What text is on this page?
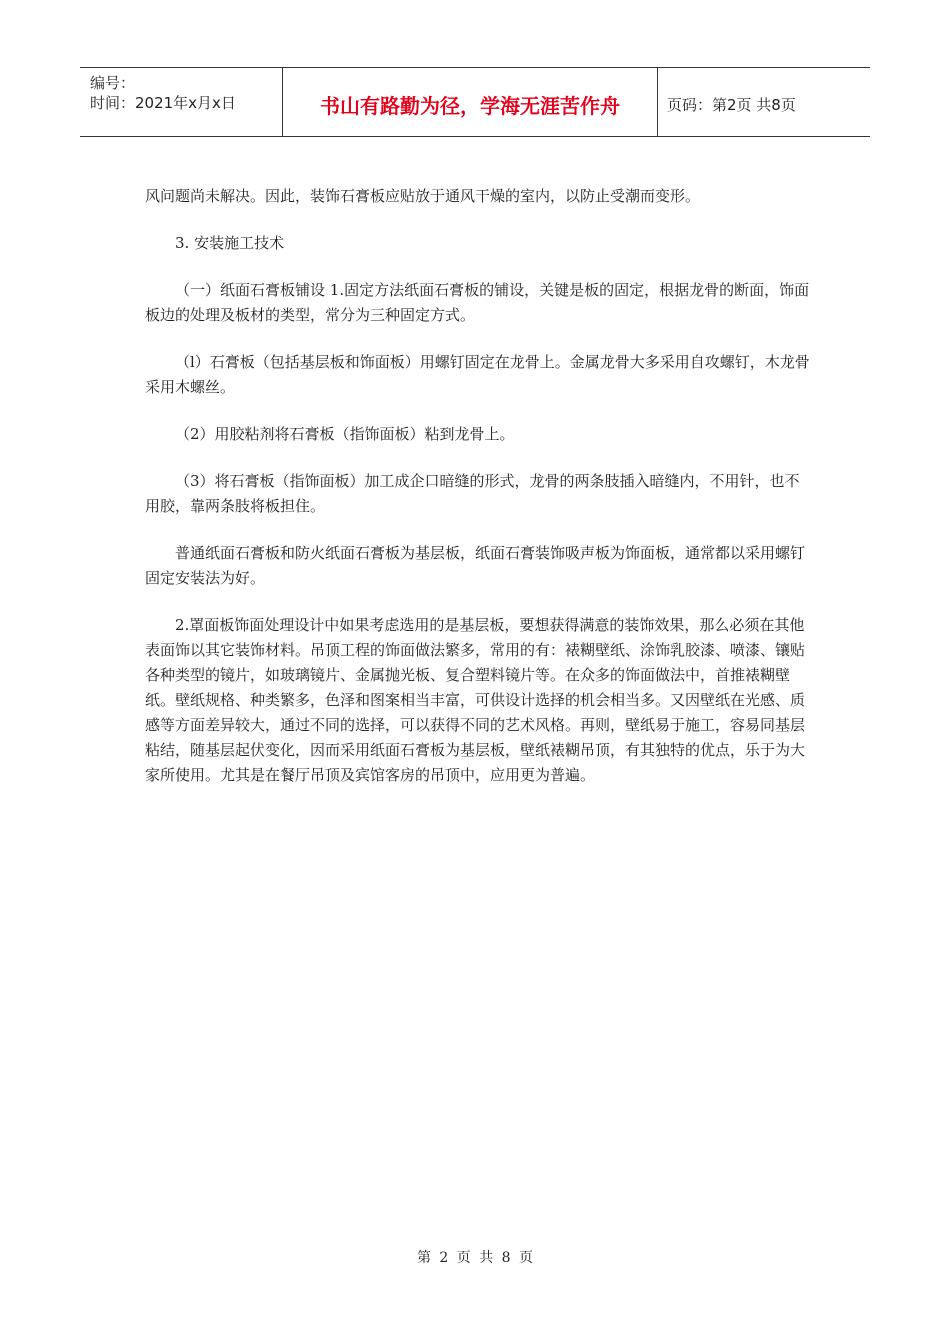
编号：
时间：2021年x月x日	书山有路勤为径，学海无涯苦作舟	页码：第2页 共8页

风问题尚未解决。因此，装饰石膏板应贴放于通风干燥的室内，以防止受潮而变形。

3. 安装施工技术

（一）纸面石膏板铺设 1.固定方法纸面石膏板的铺设，关键是板的固定，根据龙骨的断面，饰面板边的处理及板材的类型，常分为三种固定方式。

（l）石膏板（包括基层板和饰面板）用螺钉固定在龙骨上。金属龙骨大多采用自攻螺钉，木龙骨采用木螺丝。

（2）用胶粘剂将石膏板（指饰面板）粘到龙骨上。

（3）将石膏板（指饰面板）加工成企口暗缝的形式，龙骨的两条肢插入暗缝内，不用针，也不用胶，靠两条肢将板担住。

普通纸面石膏板和防火纸面石膏板为基层板，纸面石膏装饰吸声板为饰面板，通常都以采用螺钉固定安装法为好。

2.罩面板饰面处理设计中如果考虑选用的是基层板，要想获得满意的装饰效果，那么必须在其他表面饰以其它装饰材料。吊顶工程的饰面做法繁多，常用的有：裱糊壁纸、涂饰乳胶漆、喷漆、镶贴各种类型的镜片，如玻璃镜片、金属抛光板、复合塑料镜片等。在众多的饰面做法中，首推裱糊壁纸。壁纸规格、种类繁多，色泽和图案相当丰富，可供设计选择的机会相当多。又因壁纸在光感、质感等方面差异较大，通过不同的选择，可以获得不同的艺术风格。再则，壁纸易于施工，容易同基层粘结，随基层起伏变化，因而采用纸面石膏板为基层板，壁纸裱糊吊顶，有其独特的优点，乐于为大家所使用。尤其是在餐厅吊顶及宾馆客房的吊顶中，应用更为普遍。

第 2 页 共 8 页
